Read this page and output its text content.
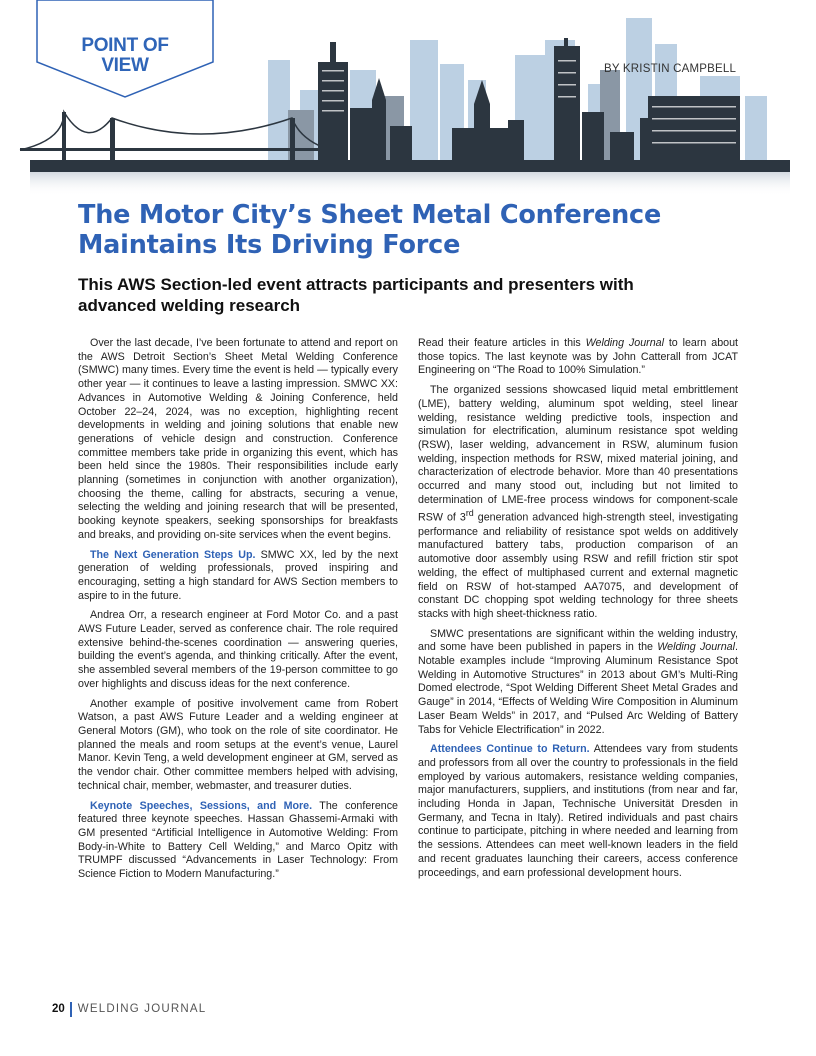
POINT OF
VIEW	BY KRISTIN CAMPBELL
The Motor City’s Sheet Metal Conference
Maintains Its Driving Force
This AWS Section-led event attracts participants and presenters with
advanced welding research

Over the last decade, I’ve been fortunate to attend and report on the AWS Detroit Section’s Sheet Metal Welding Conference (SMWC) many times. Every time the event is held — typically every other year — it continues to leave a lasting impression. SMWC XX: Advances in Automotive Welding & Joining Conference, held October 22–24, 2024, was no exception, highlighting recent developments in welding and joining solutions that enable new generations of vehicle design and construction. Conference committee members take pride in organizing this event, which has been held since the 1980s. Their responsibilities include early planning (sometimes in conjunction with another organization), choosing the theme, calling for abstracts, securing a venue, selecting the welding and joining research that will be presented, booking keynote speakers, seeking sponsorships for breakfasts and breaks, and providing on-site services when the event begins.

The Next Generation Steps Up. SMWC XX, led by the next generation of welding professionals, proved inspiring and encouraging, setting a high standard for AWS Section members to aspire to in the future.

Andrea Orr, a research engineer at Ford Motor Co. and a past AWS Future Leader, served as conference chair. The role required extensive behind-the-scenes coordination — answering queries, building the event’s agenda, and thinking critically. After the event, she assembled several members of the 19-person committee to go over highlights and discuss ideas for the next conference.

Another example of positive involvement came from Robert Watson, a past AWS Future Leader and a welding engineer at General Motors (GM), who took on the role of site coordinator. He planned the meals and room setups at the event’s venue, Laurel Manor. Kevin Teng, a weld development engineer at GM, served as the vendor chair. Other committee members helped with advising, technical chair, member, webmaster, and treasurer duties.

Keynote Speeches, Sessions, and More. The conference featured three keynote speeches. Hassan Ghassemi-Armaki with GM presented “Artificial Intelligence in Automotive Welding: From Body-in-White to Battery Cell Welding,” and Marco Opitz with TRUMPF discussed “Advancements in Laser Technology: From Science Fiction to Modern Manufacturing.”

Read their feature articles in this Welding Journal to learn about those topics. The last keynote was by John Catterall from JCAT Engineering on “The Road to 100% Simulation.”

The organized sessions showcased liquid metal embrittlement (LME), battery welding, aluminum spot welding, steel linear welding, resistance welding predictive tools, inspection and simulation for electrification, aluminum resistance spot welding (RSW), laser welding, advancement in RSW, aluminum fusion welding, inspection methods for RSW, mixed material joining, and characterization of electrode behavior. More than 40 presentations occurred and many stood out, including but not limited to determination of LME-free process windows for component-scale RSW of 3rd generation advanced high-strength steel, investigating performance and reliability of resistance spot welds on additively manufactured battery tabs, production comparison of an automotive door assembly using RSW and refill friction stir spot welding, the effect of multiphased current and external magnetic field on RSW of hot-stamped AA7075, and development of constant DC chopping spot welding technology for three sheets stacks with high sheet-thickness ratio.

SMWC presentations are significant within the welding industry, and some have been published in papers in the Welding Journal. Notable examples include “Improving Aluminum Resistance Spot Welding in Automotive Structures” in 2013 about GM’s Multi-Ring Domed electrode, “Spot Welding Different Sheet Metal Grades and Gauge” in 2014, “Effects of Welding Wire Composition in Aluminum Laser Beam Welds” in 2017, and “Pulsed Arc Welding of Battery Tabs for Vehicle Electrification” in 2022.

Attendees Continue to Return. Attendees vary from students and professors from all over the country to professionals in the field employed by various automakers, resistance welding companies, major manufacturers, suppliers, and institutions (from near and far, including Honda in Japan, Technische Universität Dresden in Germany, and Tecna in Italy). Retired individuals and past chairs continue to participate, pitching in where needed and learning from the sessions. Attendees can meet well-known leaders in the field and recent graduates launching their careers, access conference proceedings, and earn professional development hours.

20 WELDING JOURNAL
